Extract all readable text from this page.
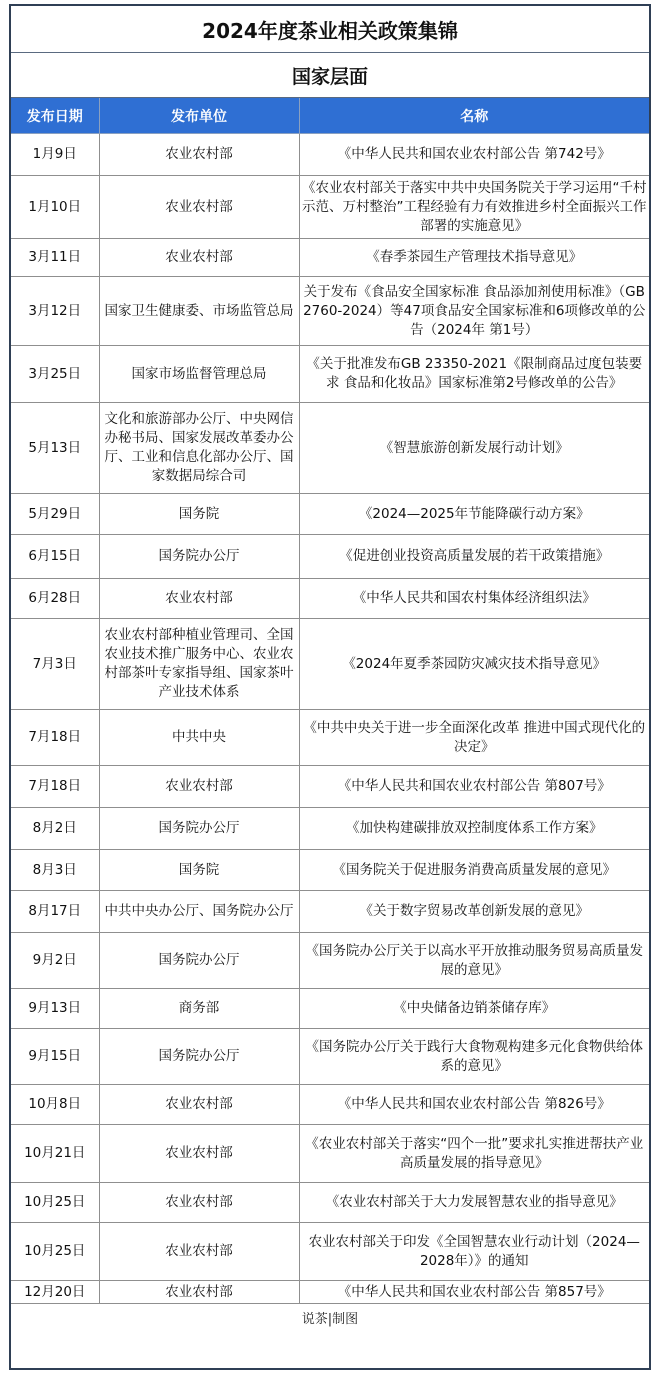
2024年度茶业相关政策集锦
国家层面
发布日期	发布单位	名称
1月9日	农业农村部	《中华人民共和国农业农村部公告 第742号》
1月10日	农业农村部	《农业农村部关于落实中共中央国务院关于学习运用“千村示范、万村整治”工程经验有力有效推进乡村全面振兴工作部署的实施意见》
3月11日	农业农村部	《春季茶园生产管理技术指导意见》
3月12日	国家卫生健康委、市场监管总局	关于发布《食品安全国家标准 食品添加剂使用标准》（GB 2760-2024）等47项食品安全国家标准和6项修改单的公告（2024年 第1号）
3月25日	国家市场监督管理总局	《关于批准发布GB 23350-2021《限制商品过度包装要求 食品和化妆品》国家标准第2号修改单的公告》
5月13日	文化和旅游部办公厅、中央网信办秘书局、国家发展改革委办公厅、工业和信息化部办公厅、国家数据局综合司	《智慧旅游创新发展行动计划》
5月29日	国务院	《2024—2025年节能降碳行动方案》
6月15日	国务院办公厅	《促进创业投资高质量发展的若干政策措施》
6月28日	农业农村部	《中华人民共和国农村集体经济组织法》
7月3日	农业农村部种植业管理司、全国农业技术推广服务中心、农业农村部茶叶专家指导组、国家茶叶产业技术体系	《2024年夏季茶园防灾减灾技术指导意见》
7月18日	中共中央	《中共中央关于进一步全面深化改革 推进中国式现代化的决定》
7月18日	农业农村部	《中华人民共和国农业农村部公告 第807号》
8月2日	国务院办公厅	《加快构建碳排放双控制度体系工作方案》
8月3日	国务院	《国务院关于促进服务消费高质量发展的意见》
8月17日	中共中央办公厅、国务院办公厅	《关于数字贸易改革创新发展的意见》
9月2日	国务院办公厅	《国务院办公厅关于以高水平开放推动服务贸易高质量发展的意见》
9月13日	商务部	《中央储备边销茶储存库》
9月15日	国务院办公厅	《国务院办公厅关于践行大食物观构建多元化食物供给体系的意见》
10月8日	农业农村部	《中华人民共和国农业农村部公告 第826号》
10月21日	农业农村部	《农业农村部关于落实“四个一批”要求扎实推进帮扶产业高质量发展的指导意见》
10月25日	农业农村部	《农业农村部关于大力发展智慧农业的指导意见》
10月25日	农业农村部	农业农村部关于印发《全国智慧农业行动计划（2024—2028年）》的通知
12月20日	农业农村部	《中华人民共和国农业农村部公告 第857号》
说茶|制图
